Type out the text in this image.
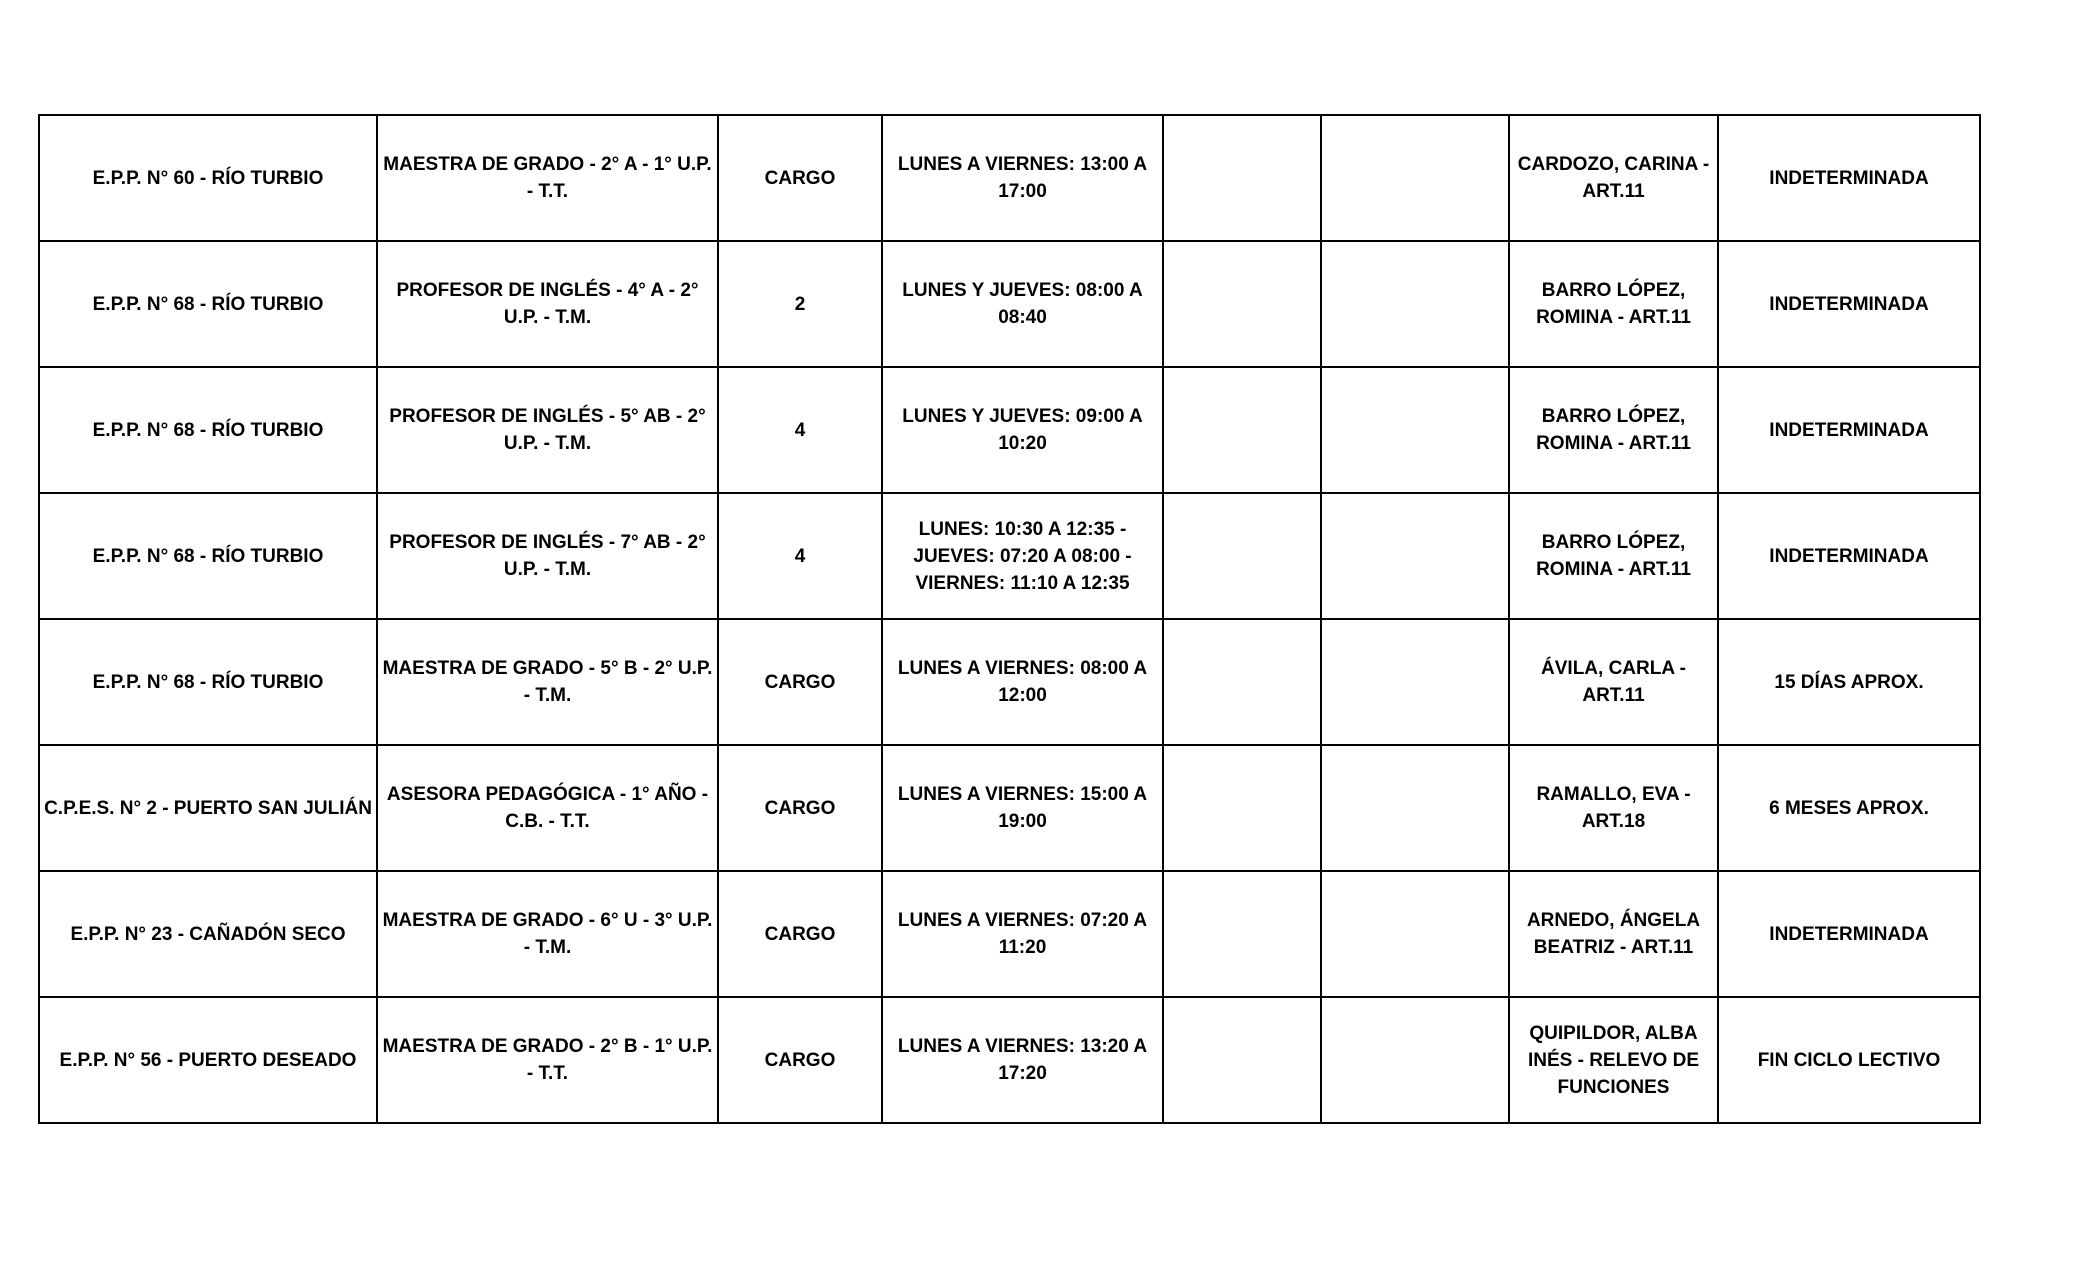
E.P.P. N° 60 - RÍO TURBIO	MAESTRA DE GRADO - 2° A - 1° U.P. - T.T.	CARGO	LUNES A VIERNES: 13:00 A 17:00			CARDOZO, CARINA - ART.11	INDETERMINADA
E.P.P. N° 68 - RÍO TURBIO	PROFESOR DE INGLÉS - 4° A - 2° U.P. - T.M.	2	LUNES Y JUEVES: 08:00 A 08:40			BARRO LÓPEZ, ROMINA - ART.11	INDETERMINADA
E.P.P. N° 68 - RÍO TURBIO	PROFESOR DE INGLÉS - 5° AB - 2° U.P. - T.M.	4	LUNES Y JUEVES: 09:00 A 10:20			BARRO LÓPEZ, ROMINA - ART.11	INDETERMINADA
E.P.P. N° 68 - RÍO TURBIO	PROFESOR DE INGLÉS - 7° AB - 2° U.P. - T.M.	4	LUNES: 10:30 A 12:35 - JUEVES: 07:20 A 08:00 - VIERNES: 11:10 A 12:35			BARRO LÓPEZ, ROMINA - ART.11	INDETERMINADA
E.P.P. N° 68 - RÍO TURBIO	MAESTRA DE GRADO - 5° B - 2° U.P. - T.M.	CARGO	LUNES A VIERNES: 08:00 A 12:00			ÁVILA, CARLA - ART.11	15 DÍAS APROX.
C.P.E.S. N° 2 - PUERTO SAN JULIÁN	ASESORA PEDAGÓGICA - 1° AÑO - C.B. - T.T.	CARGO	LUNES A VIERNES: 15:00 A 19:00			RAMALLO, EVA - ART.18	6 MESES APROX.
E.P.P. N° 23 - CAÑADÓN SECO	MAESTRA DE GRADO - 6° U - 3° U.P. - T.M.	CARGO	LUNES A VIERNES: 07:20 A 11:20			ARNEDO, ÁNGELA BEATRIZ - ART.11	INDETERMINADA
E.P.P. N° 56 - PUERTO DESEADO	MAESTRA DE GRADO - 2° B - 1° U.P. - T.T.	CARGO	LUNES A VIERNES: 13:20 A 17:20			QUIPILDOR, ALBA INÉS - RELEVO DE FUNCIONES	FIN CICLO LECTIVO
